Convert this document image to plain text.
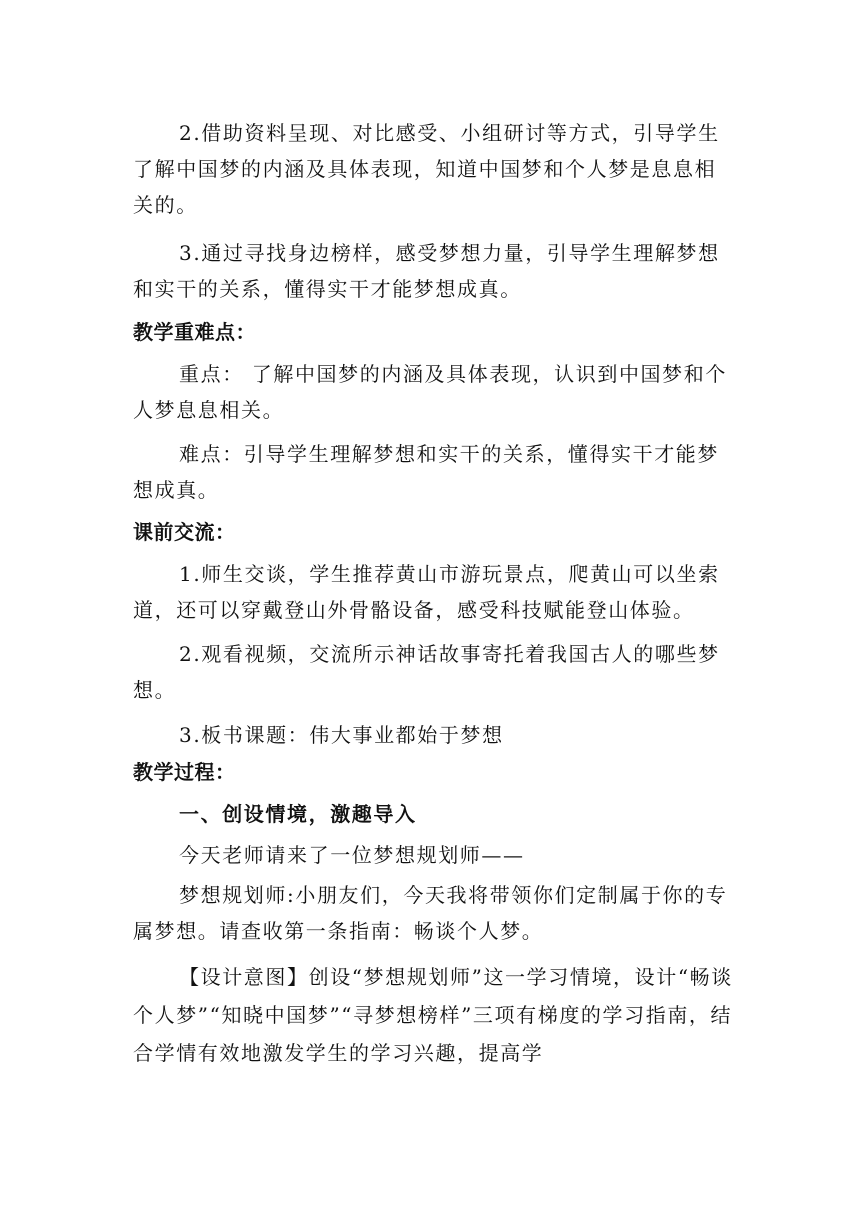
2.借助资料呈现、对比感受、小组研讨等方式，引导学生了解中国梦的内涵及具体表现，知道中国梦和个人梦是息息相关的。
3.通过寻找身边榜样，感受梦想力量，引导学生理解梦想和实干的关系，懂得实干才能梦想成真。
教学重难点：
重点： 了解中国梦的内涵及具体表现，认识到中国梦和个人梦息息相关。
难点：引导学生理解梦想和实干的关系，懂得实干才能梦想成真。
课前交流：
1.师生交谈，学生推荐黄山市游玩景点，爬黄山可以坐索道，还可以穿戴登山外骨骼设备，感受科技赋能登山体验。
2.观看视频，交流所示神话故事寄托着我国古人的哪些梦想。
3.板书课题：伟大事业都始于梦想
教学过程：
一、创设情境，激趣导入
今天老师请来了一位梦想规划师——
梦想规划师:小朋友们，今天我将带领你们定制属于你的专属梦想。请查收第一条指南：畅谈个人梦。
【设计意图】创设“梦想规划师”这一学习情境，设计“畅谈个人梦”“知晓中国梦”“寻梦想榜样”三项有梯度的学习指南，结合学情有效地激发学生的学习兴趣，提高学
